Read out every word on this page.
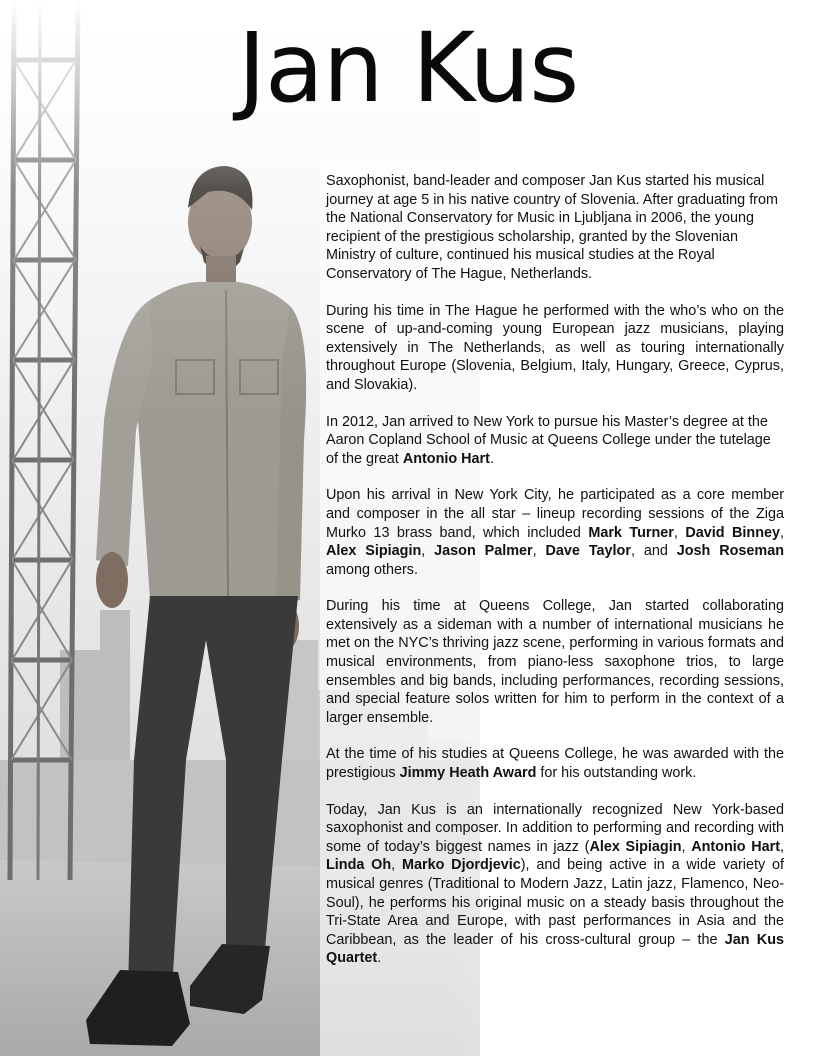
Jan Kus

Saxophonist, band-leader and composer Jan Kus started his musical journey at age 5 in his native country of Slovenia. After graduating from the National Conservatory for Music in Ljubljana in 2006, the young recipient of the prestigious scholarship, granted by the Slovenian Ministry of culture, continued his musical studies at the Royal Conservatory of The Hague, Netherlands.

During his time in The Hague he performed with the who’s who on the scene of up-and-coming young European jazz musicians, playing extensively in The Netherlands, as well as touring internationally throughout Europe (Slovenia, Belgium, Italy, Hungary, Greece, Cyprus, and Slovakia).

In 2012, Jan arrived to New York to pursue his Master’s degree at the Aaron Copland School of Music at Queens College under the tutelage of the great Antonio Hart.

Upon his arrival in New York City, he participated as a core member and composer in the all star – lineup recording sessions of the Ziga Murko 13 brass band, which included Mark Turner, David Binney, Alex Sipiagin, Jason Palmer, Dave Taylor, and Josh Roseman among others.

During his time at Queens College, Jan started collaborating extensively as a sideman with a number of international musicians he met on the NYC’s thriving jazz scene, performing in various formats and musical environments, from piano-less saxophone trios, to large ensembles and big bands, including performances, recording sessions, and special feature solos written for him to perform in the context of a larger ensemble.

At the time of his studies at Queens College, he was awarded with the prestigious Jimmy Heath Award for his outstanding work.

Today, Jan Kus is an internationally recognized New York-based saxophonist and composer. In addition to performing and recording with some of today’s biggest names in jazz (Alex Sipiagin, Antonio Hart, Linda Oh, Marko Djordjevic), and being active in a wide variety of musical genres (Traditional to Modern Jazz, Latin jazz, Flamenco, Neo-Soul), he performs his original music on a steady basis throughout the Tri-State Area and Europe, with past performances in Asia and the Caribbean, as the leader of his cross-cultural group – the Jan Kus Quartet.
